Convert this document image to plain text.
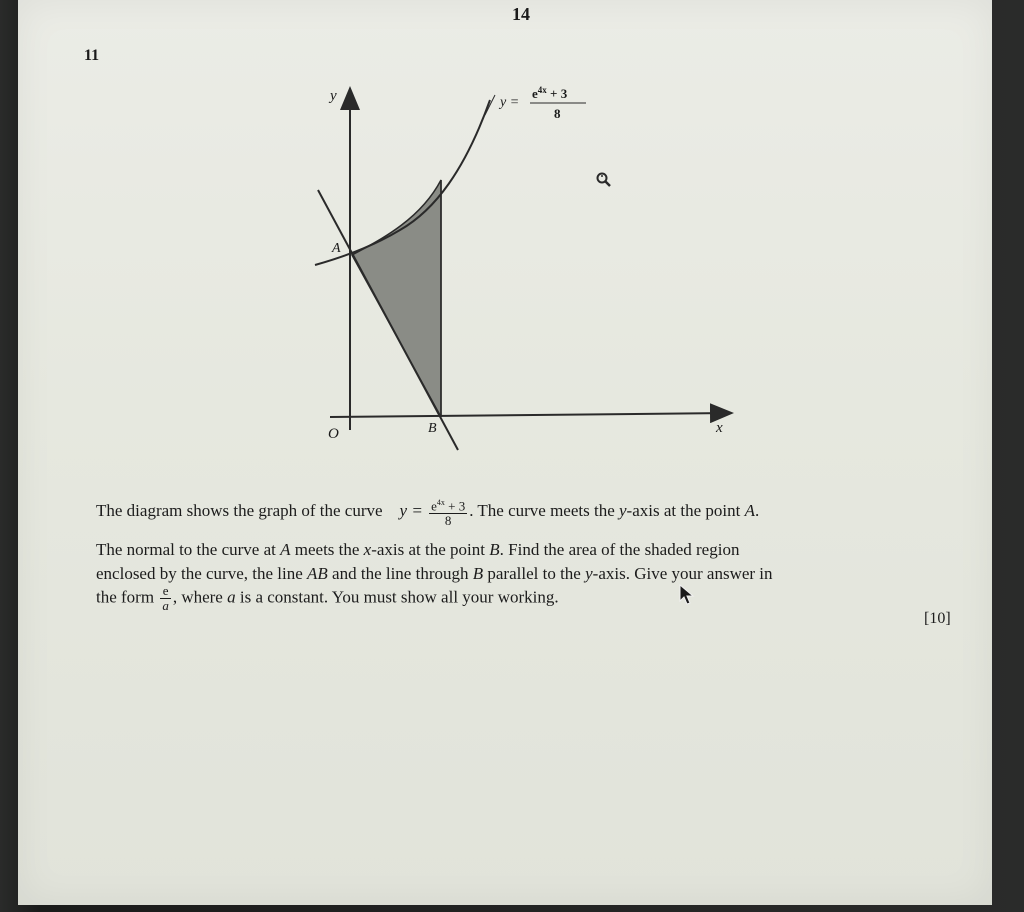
14
11
y
x
O
A
B
y =
$e^{4x} + 3$
8
The diagram shows the graph of the curve $y = \frac{e^{4x} + 3}{8}$ . The curve meets the y-axis at the point A.
The normal to the curve at A meets the x-axis at the point B. Find the area of the shaded region
enclosed by the curve, the line AB and the line through B parallel to the y-axis. Give your answer in
the form $\frac{e}{a}$ , where a is a constant. You must show all your working.
[10]
